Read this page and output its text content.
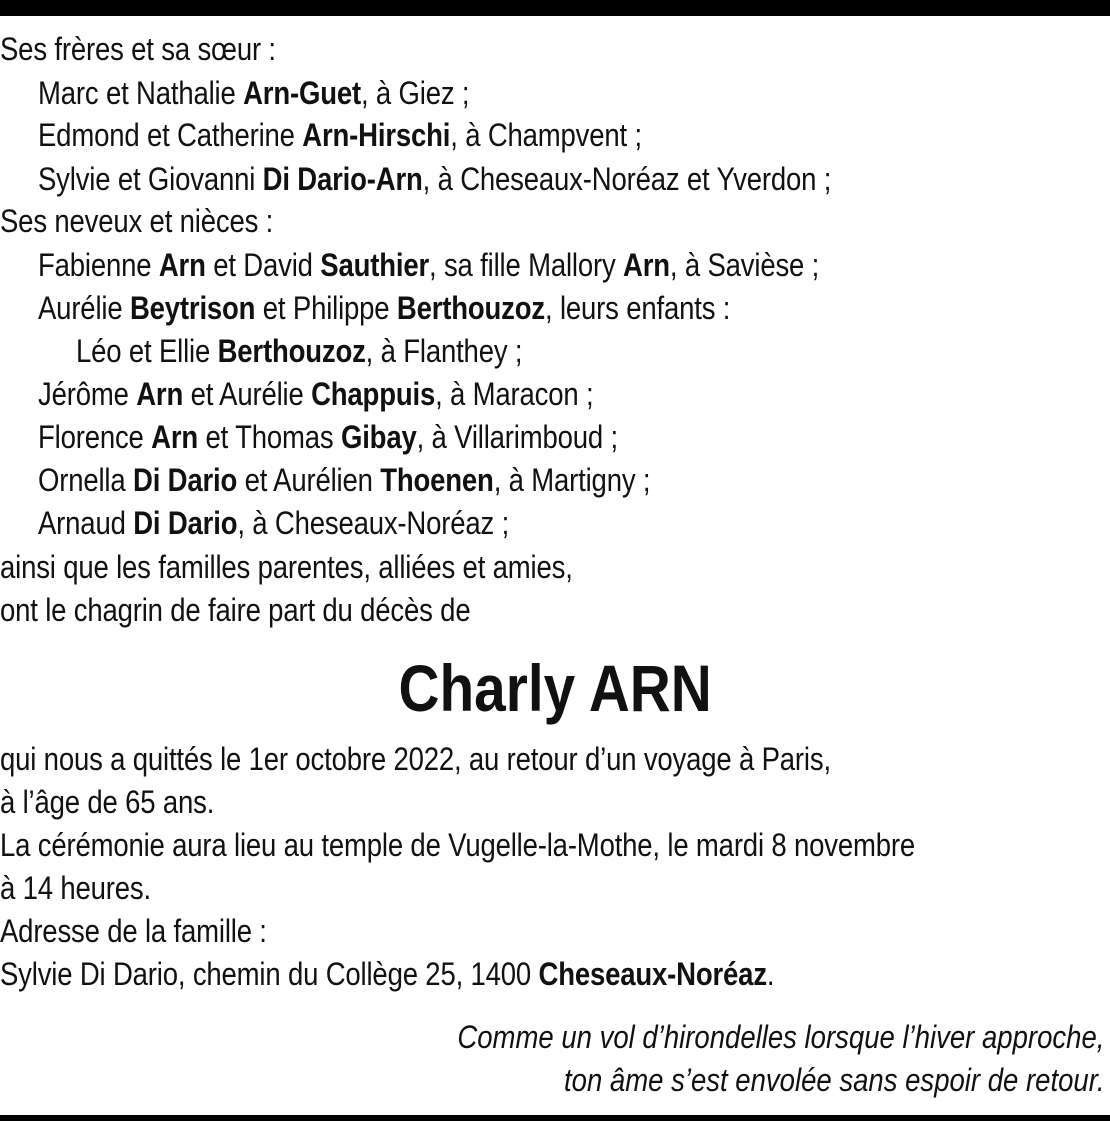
Ses frères et sa sœur :
Marc et Nathalie Arn-Guet, à Giez ;
Edmond et Catherine Arn-Hirschi, à Champvent ;
Sylvie et Giovanni Di Dario-Arn, à Cheseaux-Noréaz et Yverdon ;
Ses neveux et nièces :
Fabienne Arn et David Sauthier, sa fille Mallory Arn, à Savièse ;
Aurélie Beytrison et Philippe Berthouzoz, leurs enfants :
Léo et Ellie Berthouzoz, à Flanthey ;
Jérôme Arn et Aurélie Chappuis, à Maracon ;
Florence Arn et Thomas Gibay, à Villarimboud ;
Ornella Di Dario et Aurélien Thoenen, à Martigny ;
Arnaud Di Dario, à Cheseaux-Noréaz ;
ainsi que les familles parentes, alliées et amies,
ont le chagrin de faire part du décès de
Charly ARN
qui nous a quittés le 1er octobre 2022, au retour d’un voyage à Paris,
à l’âge de 65 ans.
La cérémonie aura lieu au temple de Vugelle-la-Mothe, le mardi 8 novembre
à 14 heures.
Adresse de la famille :
Sylvie Di Dario, chemin du Collège 25, 1400 Cheseaux-Noréaz.
Comme un vol d’hirondelles lorsque l’hiver approche,
ton âme s’est envolée sans espoir de retour.
